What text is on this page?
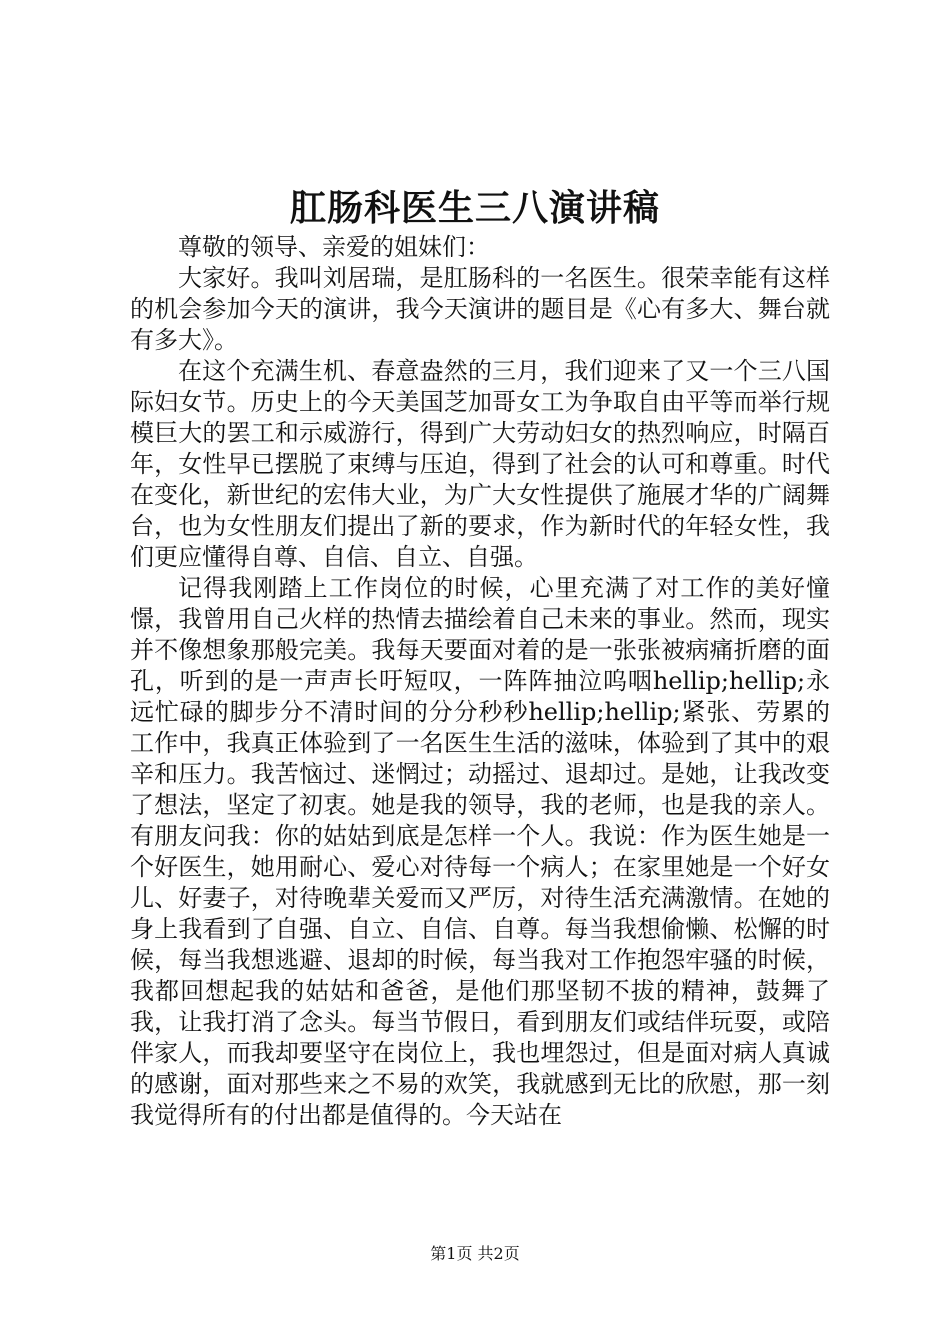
肛肠科医生三八演讲稿

尊敬的领导、亲爱的姐妹们：

大家好。我叫刘居瑞，是肛肠科的一名医生。很荣幸能有这样的机会参加今天的演讲，我今天演讲的题目是《心有多大、舞台就有多大》。

在这个充满生机、春意盎然的三月，我们迎来了又一个三八国际妇女节。历史上的今天美国芝加哥女工为争取自由平等而举行规模巨大的罢工和示威游行，得到广大劳动妇女的热烈响应，时隔百年，女性早已摆脱了束缚与压迫，得到了社会的认可和尊重。时代在变化，新世纪的宏伟大业，为广大女性提供了施展才华的广阔舞台，也为女性朋友们提出了新的要求，作为新时代的年轻女性，我们更应懂得自尊、自信、自立、自强。

记得我刚踏上工作岗位的时候，心里充满了对工作的美好憧憬，我曾用自己火样的热情去描绘着自己未来的事业。然而，现实并不像想象那般完美。我每天要面对着的是一张张被病痛折磨的面孔，听到的是一声声长吁短叹，一阵阵抽泣呜咽hellip;hellip;永远忙碌的脚步分不清时间的分分秒秒hellip;hellip;紧张、劳累的工作中，我真正体验到了一名医生生活的滋味，体验到了其中的艰辛和压力。我苦恼过、迷惘过；动摇过、退却过。是她，让我改变了想法，坚定了初衷。她是我的领导，我的老师，也是我的亲人。有朋友问我：你的姑姑到底是怎样一个人。我说：作为医生她是一个好医生，她用耐心、爱心对待每一个病人；在家里她是一个好女儿、好妻子，对待晚辈关爱而又严厉，对待生活充满激情。在她的身上我看到了自强、自立、自信、自尊。每当我想偷懒、松懈的时候，每当我想逃避、退却的时候，每当我对工作抱怨牢骚的时候，我都回想起我的姑姑和爸爸，是他们那坚韧不拔的精神，鼓舞了我，让我打消了念头。每当节假日，看到朋友们或结伴玩耍，或陪伴家人，而我却要坚守在岗位上，我也埋怨过，但是面对病人真诚的感谢，面对那些来之不易的欢笑，我就感到无比的欣慰，那一刻我觉得所有的付出都是值得的。今天站在

第1页 共2页
